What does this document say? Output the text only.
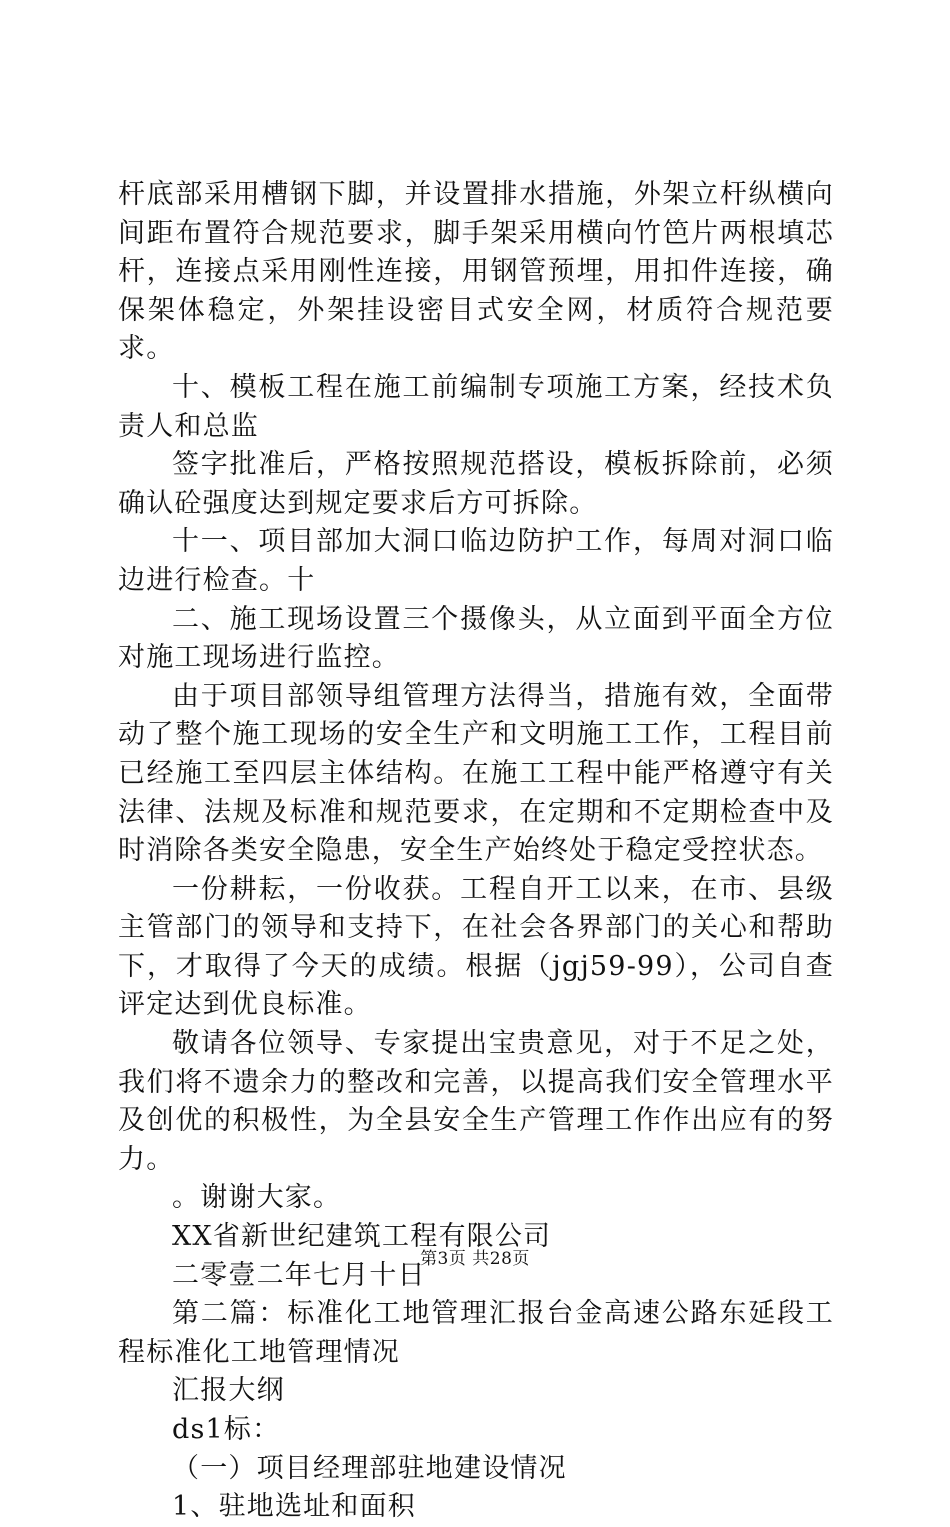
杆底部采用槽钢下脚，并设置排水措施，外架立杆纵横向间距布置符合规范要求，脚手架采用横向竹笆片两根填芯杆，连接点采用刚性连接，用钢管预埋，用扣件连接，确保架体稳定，外架挂设密目式安全网，材质符合规范要求。

十、模板工程在施工前编制专项施工方案，经技术负责人和总监

签字批准后，严格按照规范搭设，模板拆除前，必须确认砼强度达到规定要求后方可拆除。

十一、项目部加大洞口临边防护工作，每周对洞口临边进行检查。十

二、施工现场设置三个摄像头，从立面到平面全方位对施工现场进行监控。

由于项目部领导组管理方法得当，措施有效，全面带动了整个施工现场的安全生产和文明施工工作，工程目前已经施工至四层主体结构。在施工工程中能严格遵守有关法律、法规及标准和规范要求，在定期和不定期检查中及时消除各类安全隐患，安全生产始终处于稳定受控状态。

一份耕耘，一份收获。工程自开工以来，在市、县级主管部门的领导和支持下，在社会各界部门的关心和帮助下，才取得了今天的成绩。根据（jgj59-99），公司自查评定达到优良标准。

敬请各位领导、专家提出宝贵意见，对于不足之处，我们将不遗余力的整改和完善，以提高我们安全管理水平及创优的积极性，为全县安全生产管理工作作出应有的努力。

。谢谢大家。

XX省新世纪建筑工程有限公司

二零壹二年七月十日

第二篇：标准化工地管理汇报台金高速公路东延段工程标准化工地管理情况

汇报大纲

ds1标：

（一）项目经理部驻地建设情况

1、驻地选址和面积

第3页 共28页
